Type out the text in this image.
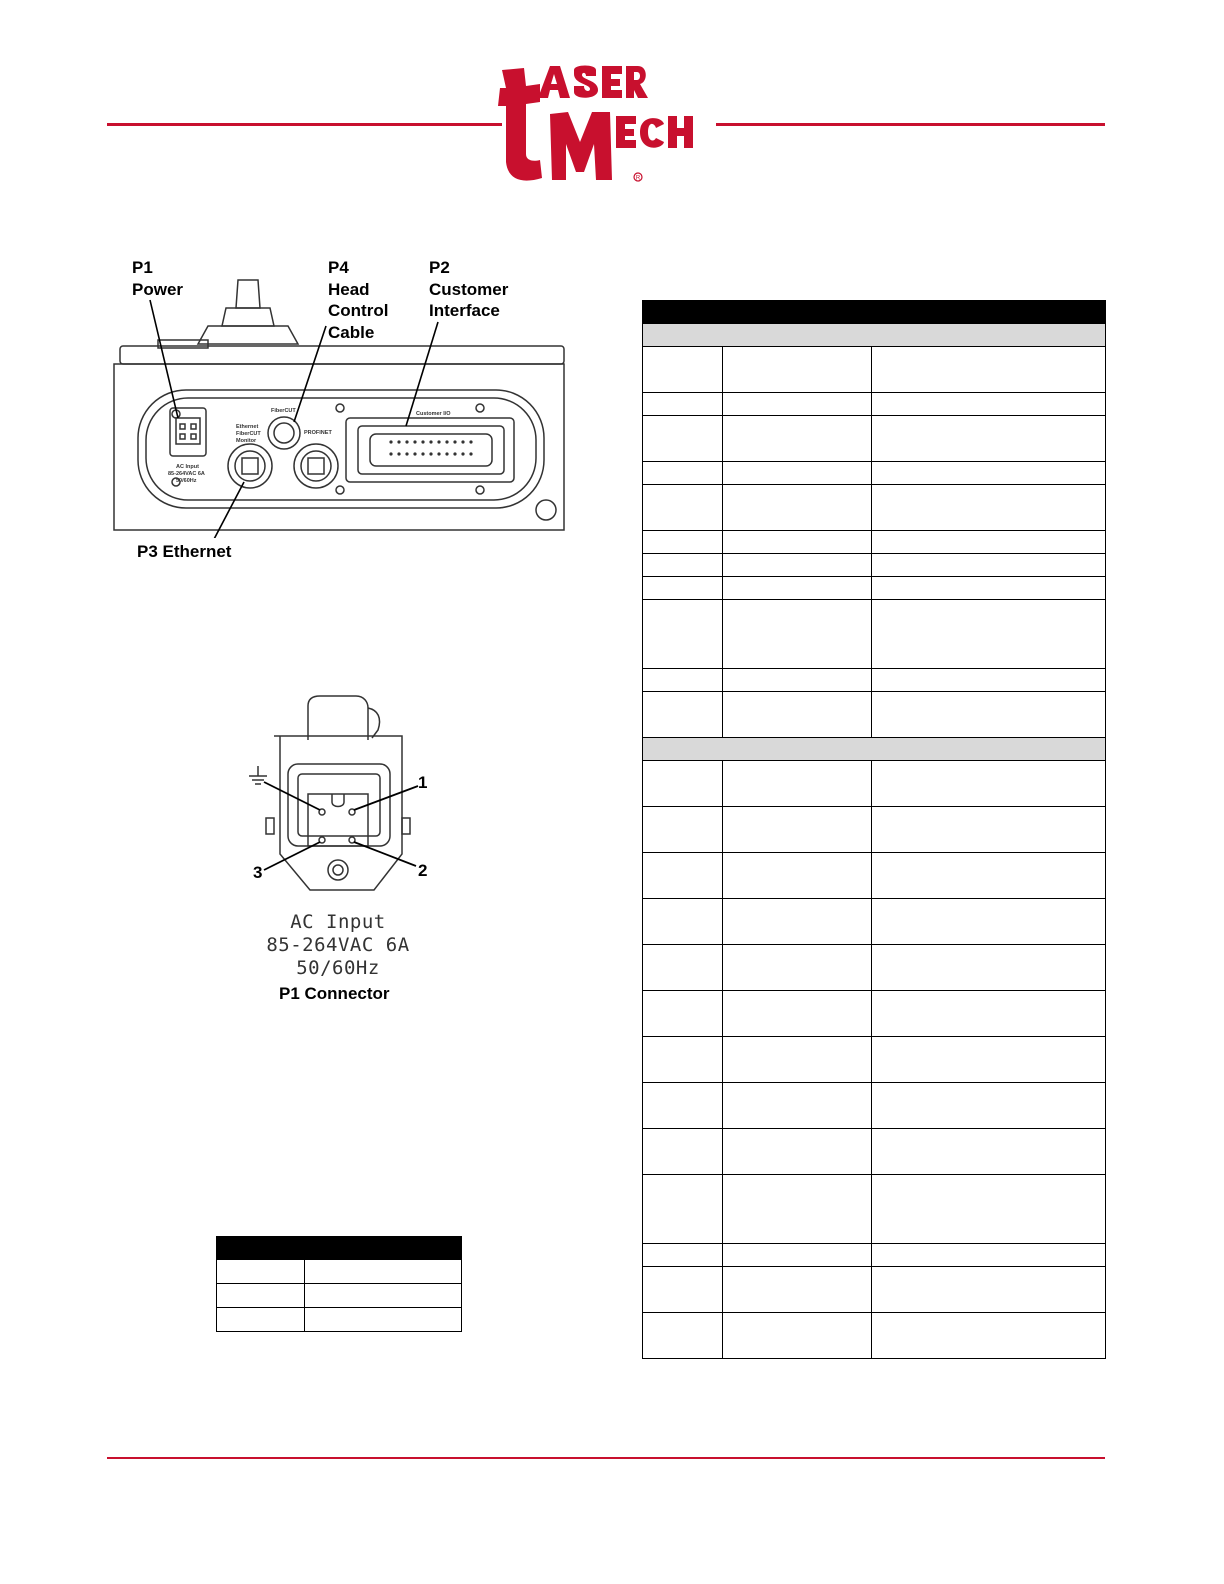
R
P1
Power
P4
Head
Control
Cable
P2
Customer
Interface
P3 Ethernet
FiberCUT
Ethernet
FiberCUT
Monitor
PROFINET
Customer I/O
AC Input
85-264VAC 6A
50/60Hz
1
2
3
AC Input
85-264VAC 6A
50/60Hz
P1 Connector
